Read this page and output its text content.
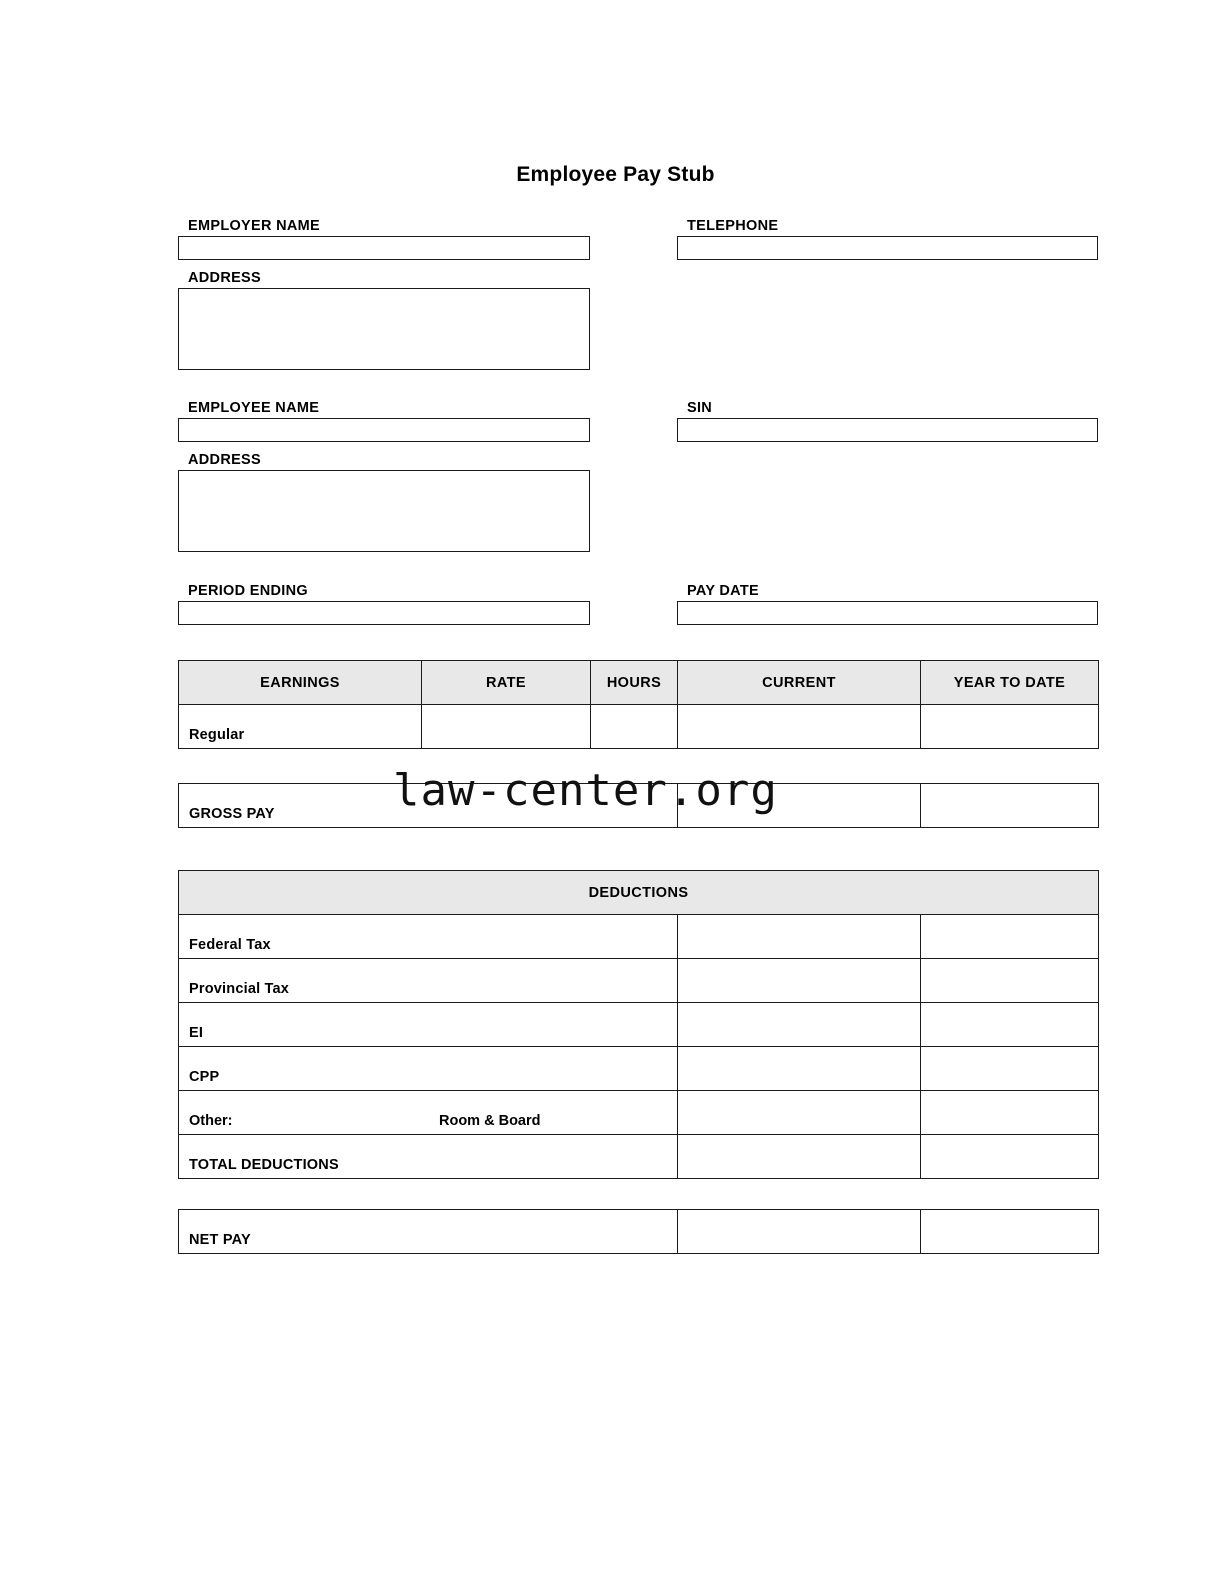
Employee Pay Stub
EMPLOYER NAME	TELEPHONE
ADDRESS
EMPLOYEE NAME	SIN
ADDRESS
PERIOD ENDING	PAY DATE
EARNINGS	RATE	HOURS	CURRENT	YEAR TO DATE
Regular				
GROSS PAY			law-center.org
DEDUCTIONS		
Federal Tax		
Provincial Tax		
EI		
CPP		

Other: Room & Board

TOTAL DEDUCTIONS		
NET PAY		
